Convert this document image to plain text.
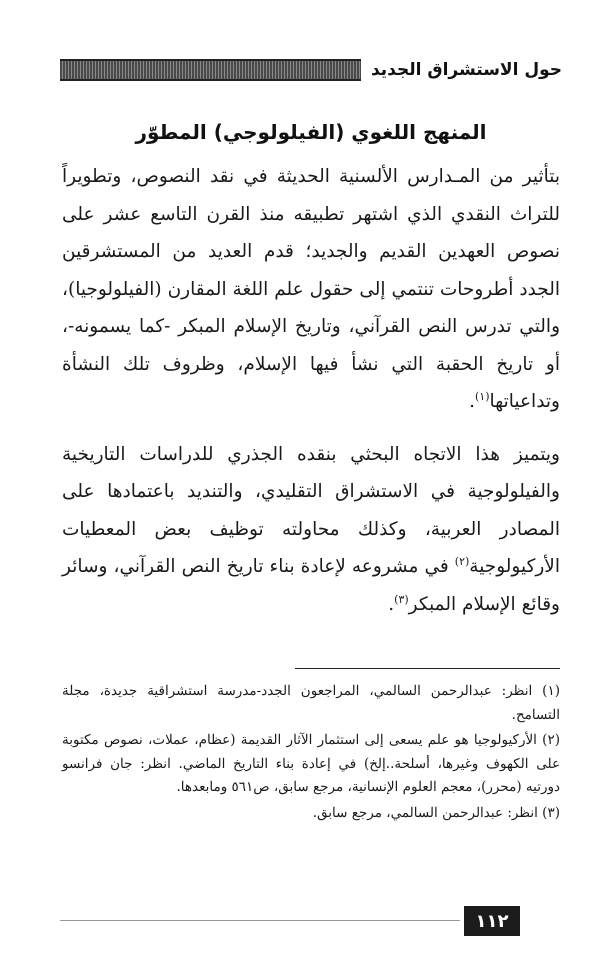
حول الاستشراق الجديد
المنهج اللغوي (الفيلولوجي) المطوّر

بتأثير من المـدارس الألسنية الحديثة في نقد النصوص، وتطويراً للتراث النقدي الذي اشتهر تطبيقه منذ القرن التاسع عشر على نصوص العهدين القديم والجديد؛ قدم العديد من المستشرقين الجدد أطروحات تنتمي إلى حقول علم اللغة المقارن (الفيلولوجيا)، والتي تدرس النص القرآني، وتاريخ الإسلام المبكر -كما يسمونه-، أو تاريخ الحقبة التي نشأ فيها الإسلام، وظروف تلك النشأة وتداعياتها$^{(١)}$.

ويتميز هذا الاتجاه البحثي بنقده الجذري للدراسات التاريخية والفيلولوجية في الاستشراق التقليدي، والتنديد باعتمادها على المصادر العربية، وكذلك محاولته توظيف بعض المعطيات الأركيولوجية$^{(٢)}$ في مشروعه لإعادة بناء تاريخ النص القرآني، وسائر وقائع الإسلام المبكر$^{(٣)}$.

(١) انظر: عبدالرحمن السالمي، المراجعون الجدد-مدرسة استشراقية جديدة، مجلة التسامح.

(٢) الأركيولوجيا هو علم يسعى إلى استثمار الآثار القديمة (عظام، عملات، نصوص مكتوبة على الكهوف وغيرها، أسلحة..إلخ) في إعادة بناء التاريخ الماضي. انظر: جان فرانسو دورتيه (محرر)، معجم العلوم الإنسانية، مرجع سابق، ص٥٦١ ومابعدها.

(٣) انظر: عبدالرحمن السالمي، مرجع سابق.

١١٢
